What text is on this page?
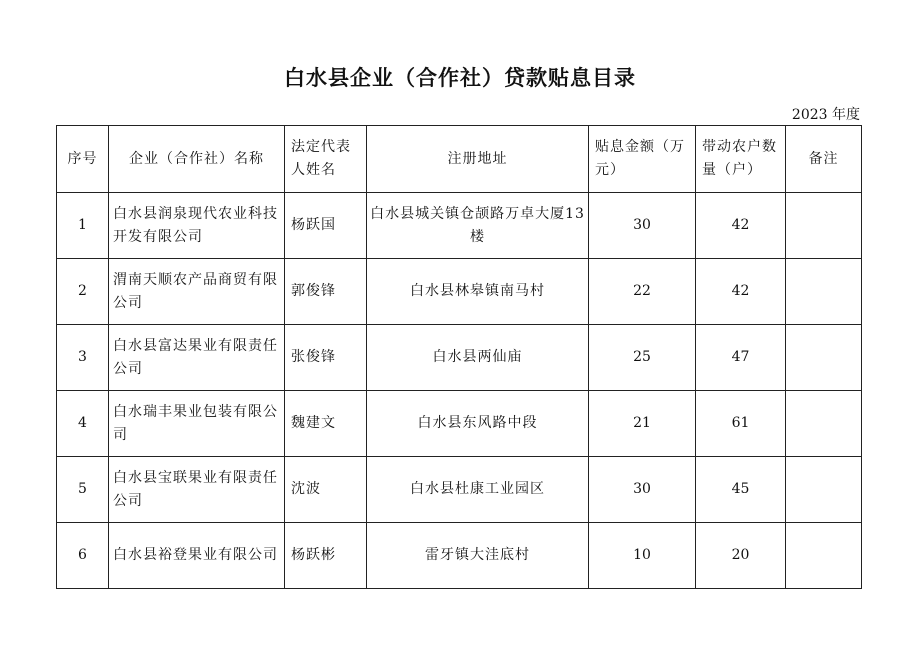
白水县企业（合作社）贷款贴息目录
2023 年度
序号	企业（合作社）名称	法定代表人姓名	注册地址	贴息金额（万元）	带动农户数量（户）	备注
1	白水县润泉现代农业科技开发有限公司	杨跃国	白水县城关镇仓颉路万卓大厦13楼	30	42	
2	渭南天顺农产品商贸有限公司	郭俊锋	白水县林皋镇南马村	22	42	
3	白水县富达果业有限责任公司	张俊锋	白水县两仙庙	25	47	
4	白水瑞丰果业包装有限公司	魏建文	白水县东风路中段	21	61	
5	白水县宝联果业有限责任公司	沈波	白水县杜康工业园区	30	45	
6	白水县裕登果业有限公司	杨跃彬	雷牙镇大洼底村	10	20	
